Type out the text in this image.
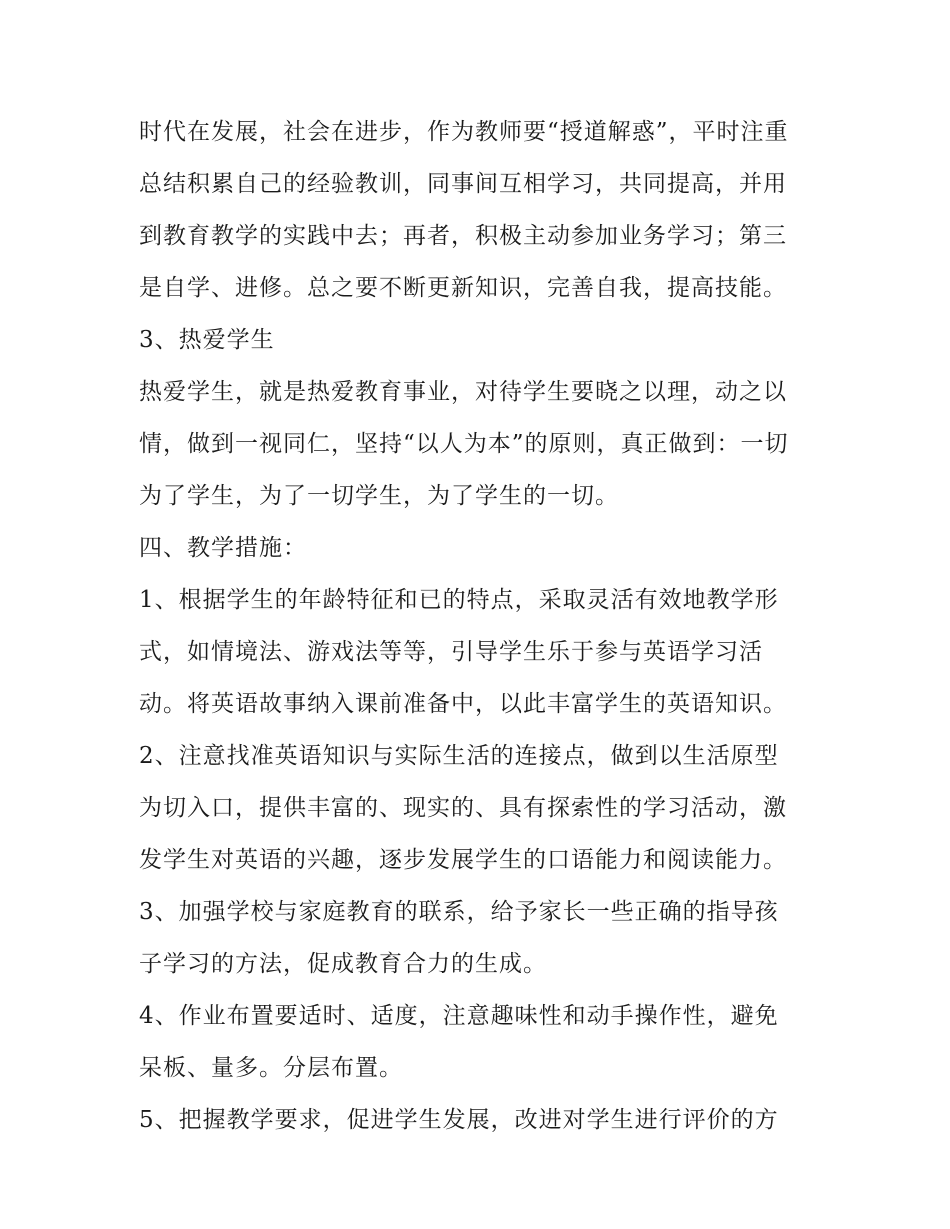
时代在发展，社会在进步，作为教师要“授道解惑”，平时注重
总结积累自己的经验教训，同事间互相学习，共同提高，并用
到教育教学的实践中去；再者，积极主动参加业务学习；第三
是自学、进修。总之要不断更新知识，完善自我，提高技能。
3、热爱学生
热爱学生，就是热爱教育事业，对待学生要晓之以理，动之以
情，做到一视同仁，坚持“以人为本”的原则，真正做到：一切
为了学生，为了一切学生，为了学生的一切。
四、教学措施：
1、根据学生的年龄特征和已的特点，采取灵活有效地教学形
式，如情境法、游戏法等等，引导学生乐于参与英语学习活
动。将英语故事纳入课前准备中，以此丰富学生的英语知识。
2、注意找准英语知识与实际生活的连接点，做到以生活原型
为切入口，提供丰富的、现实的、具有探索性的学习活动，激
发学生对英语的兴趣，逐步发展学生的口语能力和阅读能力。
3、加强学校与家庭教育的联系，给予家长一些正确的指导孩
子学习的方法，促成教育合力的生成。
4、作业布置要适时、适度，注意趣味性和动手操作性，避免
呆板、量多。分层布置。
5、把握教学要求，促进学生发展，改进对学生进行评价的方
